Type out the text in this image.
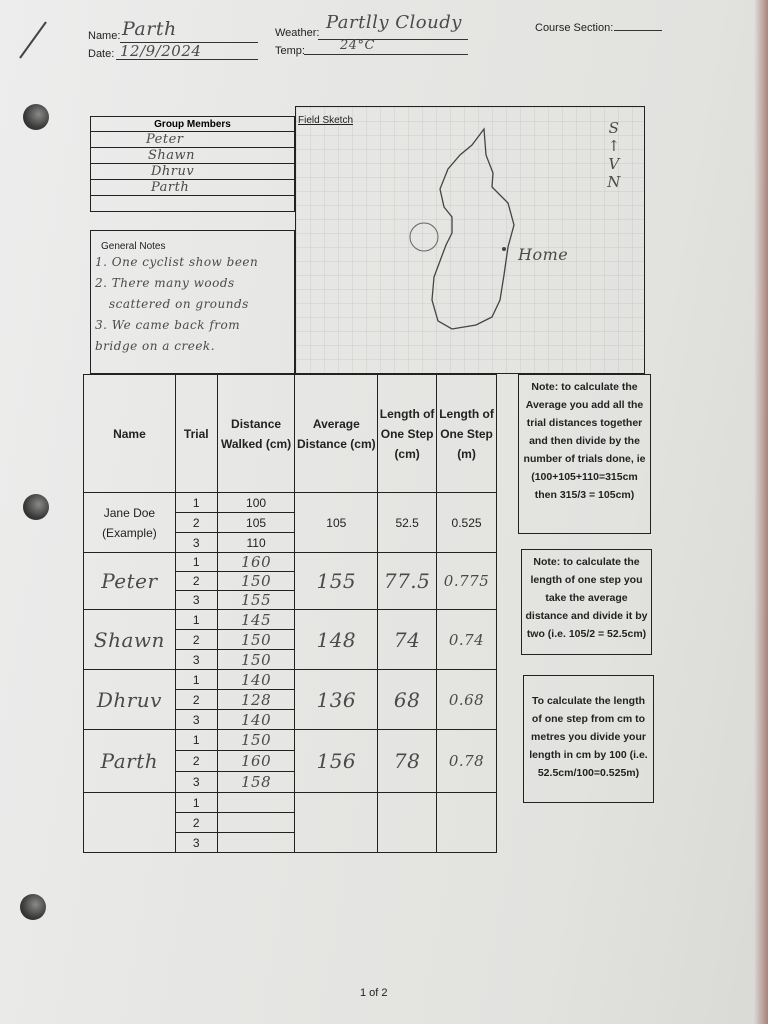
Name: Parth
Date: 12/9/2024
Weather: Partlly Cloudy
Temp:	24°C
Course Section:
Group Members
Peter
Shawn
Dhruv
Parth

Field Sketch
Home
S↑V N
General Notes
1. One cyclist show been
2. There many woods
scattered on grounds
3. We came back from
bridge on a creek.
Name	Trial	Distance Walked (cm)	Average Distance (cm)	Length of One Step (cm)	Length of One Step (m)
Jane Doe (Example)	1	100	105	52.5	0.525
	2	105			
	3	110			
Peter	1	160	155	77.5	0.775
	2	150			
	3	155			
Shawn	1	145	148	74	0.74
	2	150			
	3	150			
Dhruv	1	140	136	68	0.68
	2	128			
	3	140			
Parth	1	150	156	78	0.78
	2	160			
	3	158			
	1				
	2				
	3				
Note: to calculate the Average you add all the trial distances together and then divide by the number of trials done, ie (100+105+110=315cm then 315/3 = 105cm)
Note: to calculate the length of one step you take the average distance and divide it by two (i.e. 105/2 = 52.5cm)
To calculate the length of one step from cm to metres you divide your length in cm by 100 (i.e. 52.5cm/100=0.525m)
1 of 2
